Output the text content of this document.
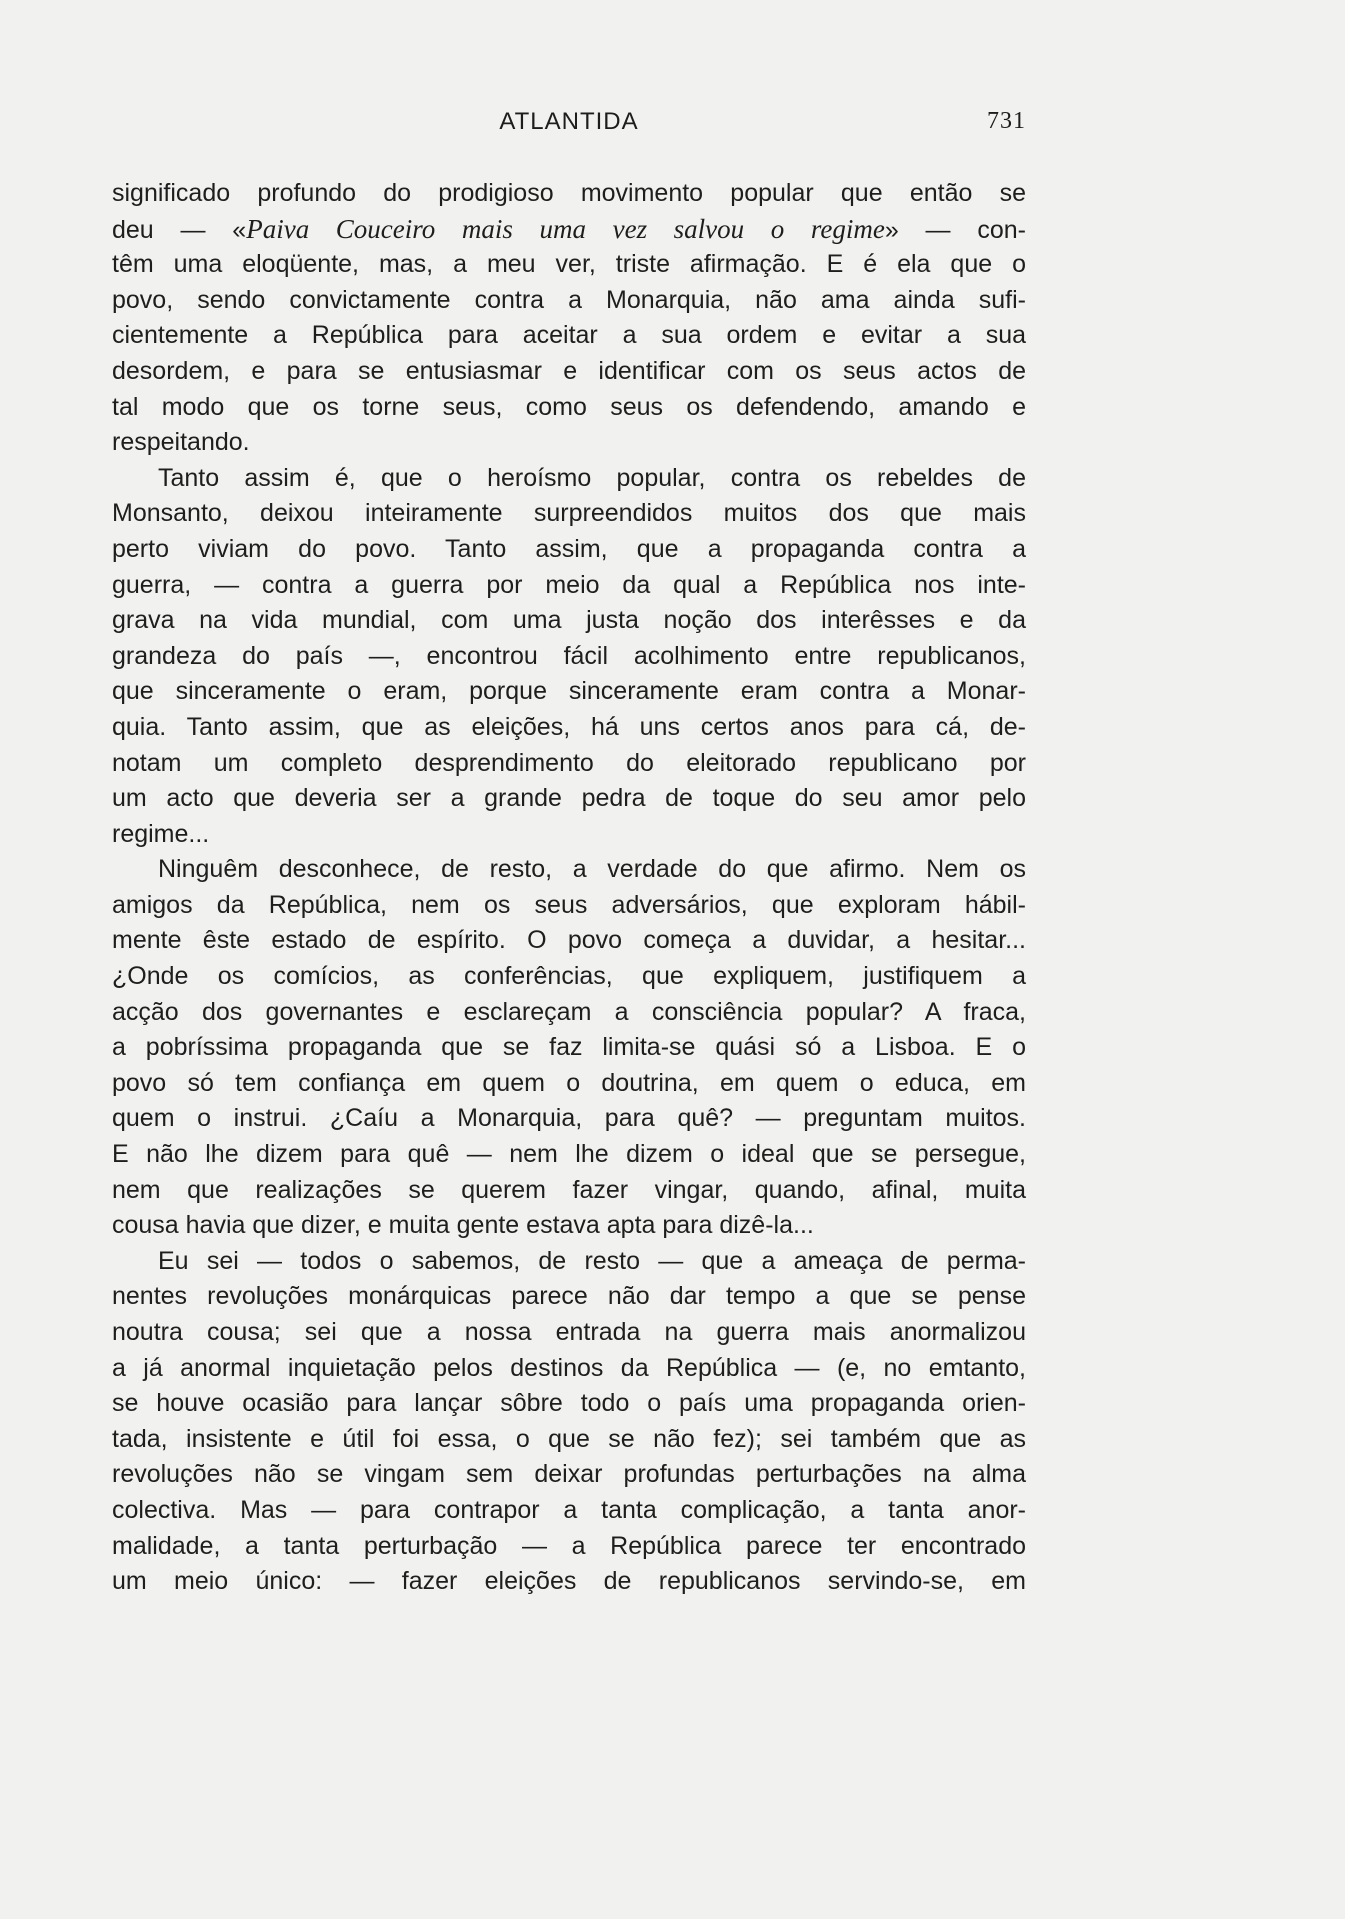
ATLANTIDA	731
significado profundo do prodigioso movimento popular que então se
deu — «Paiva Couceiro mais uma vez salvou o regime» — con-
têm uma eloqüente, mas, a meu ver, triste afirmação. E é ela que o
povo, sendo convictamente contra a Monarquia, não ama ainda sufi-
cientemente a República para aceitar a sua ordem e evitar a sua
desordem, e para se entusiasmar e identificar com os seus actos de
tal modo que os torne seus, como seus os defendendo, amando e
respeitando.
Tanto assim é, que o heroísmo popular, contra os rebeldes de
Monsanto, deixou inteiramente surpreendidos muitos dos que mais
perto viviam do povo. Tanto assim, que a propaganda contra a
guerra, — contra a guerra por meio da qual a República nos inte-
grava na vida mundial, com uma justa noção dos interêsses e da
grandeza do país —, encontrou fácil acolhimento entre republicanos,
que sinceramente o eram, porque sinceramente eram contra a Monar-
quia. Tanto assim, que as eleições, há uns certos anos para cá, de-
notam um completo desprendimento do eleitorado republicano por
um acto que deveria ser a grande pedra de toque do seu amor pelo
regime...
Ninguêm desconhece, de resto, a verdade do que afirmo. Nem os
amigos da República, nem os seus adversários, que exploram hábil-
mente êste estado de espírito. O povo começa a duvidar, a hesitar...
¿Onde os comícios, as conferências, que expliquem, justifiquem a
acção dos governantes e esclareçam a consciência popular? A fraca,
a pobríssima propaganda que se faz limita-se quási só a Lisboa. E o
povo só tem confiança em quem o doutrina, em quem o educa, em
quem o instrui. ¿Caíu a Monarquia, para quê? — preguntam muitos.
E não lhe dizem para quê — nem lhe dizem o ideal que se persegue,
nem que realizações se querem fazer vingar, quando, afinal, muita
cousa havia que dizer, e muita gente estava apta para dizê-la...
Eu sei — todos o sabemos, de resto — que a ameaça de perma-
nentes revoluções monárquicas parece não dar tempo a que se pense
noutra cousa; sei que a nossa entrada na guerra mais anormalizou
a já anormal inquietação pelos destinos da República — (e, no emtanto,
se houve ocasião para lançar sôbre todo o país uma propaganda orien-
tada, insistente e útil foi essa, o que se não fez); sei também que as
revoluções não se vingam sem deixar profundas perturbações na alma
colectiva. Mas — para contrapor a tanta complicação, a tanta anor-
malidade, a tanta perturbação — a República parece ter encontrado
um meio único: — fazer eleições de republicanos servindo-se, em
